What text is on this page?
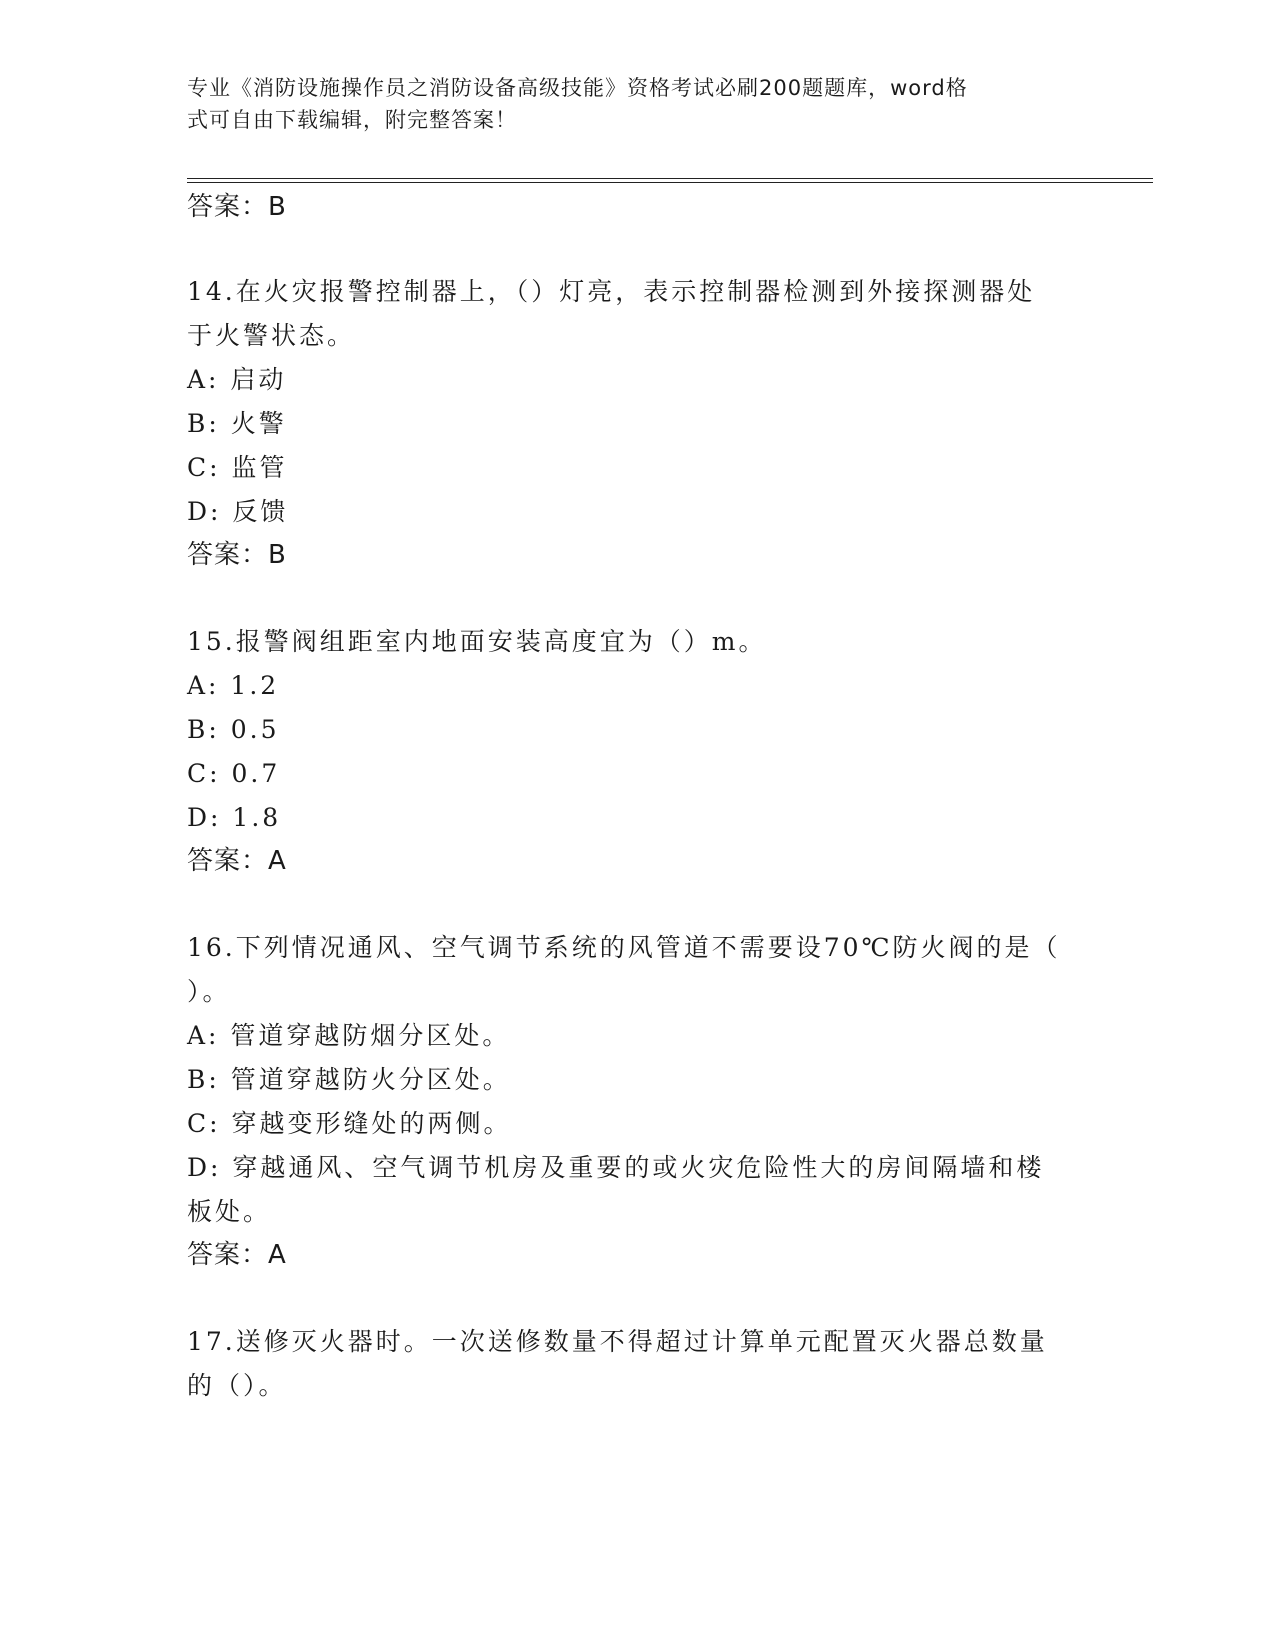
专业《消防设施操作员之消防设备高级技能》资格考试必刷200题题库，word格
式可自由下载编辑，附完整答案！
答案：B
14.在火灾报警控制器上，（）灯亮，表示控制器检测到外接探测器处
于火警状态。
A: 启动
B: 火警
C: 监管
D: 反馈
答案：B
15.报警阀组距室内地面安装高度宜为（）m。
A: 1.2
B: 0.5
C: 0.7
D: 1.8
答案：A
16.下列情况通风、空气调节系统的风管道不需要设70℃防火阀的是（
）。
A: 管道穿越防烟分区处。
B: 管道穿越防火分区处。
C: 穿越变形缝处的两侧。
D: 穿越通风、空气调节机房及重要的或火灾危险性大的房间隔墙和楼
板处。
答案：A
17.送修灭火器时。一次送修数量不得超过计算单元配置灭火器总数量
的（）。
